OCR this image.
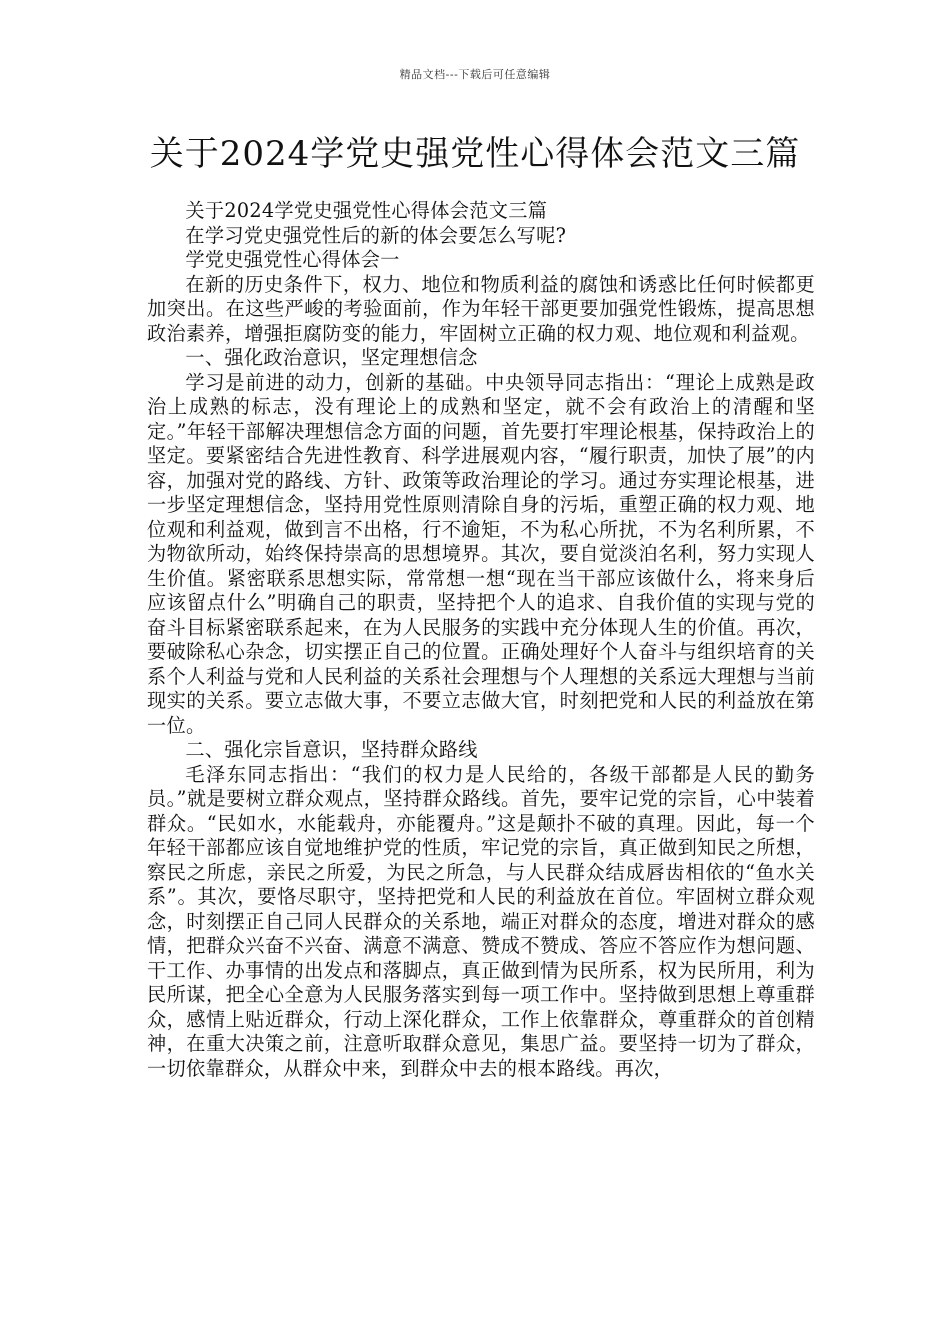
精品文档---下载后可任意编辑
关于2024学党史强党性心得体会范文三篇

关于2024学党史强党性心得体会范文三篇

在学习党史强党性后的新的体会要怎么写呢?

学党史强党性心得体会一

在新的历史条件下，权力、地位和物质利益的腐蚀和诱惑比任何时候都更加突出。在这些严峻的考验面前，作为年轻干部更要加强党性锻炼，提高思想政治素养，增强拒腐防变的能力，牢固树立正确的权力观、地位观和利益观。

一、强化政治意识，坚定理想信念

学习是前进的动力，创新的基础。中央领导同志指出：“理论上成熟是政治上成熟的标志，没有理论上的成熟和坚定，就不会有政治上的清醒和坚定。”年轻干部解决理想信念方面的问题，首先要打牢理论根基，保持政治上的坚定。要紧密结合先进性教育、科学进展观内容，“履行职责，加快了展”的内容，加强对党的路线、方针、政策等政治理论的学习。通过夯实理论根基，进一步坚定理想信念，坚持用党性原则清除自身的污垢，重塑正确的权力观、地位观和利益观，做到言不出格，行不逾矩，不为私心所扰，不为名利所累，不为物欲所动，始终保持崇高的思想境界。其次，要自觉淡泊名利，努力实现人生价值。紧密联系思想实际，常常想一想“现在当干部应该做什么，将来身后应该留点什么”明确自己的职责，坚持把个人的追求、自我价值的实现与党的奋斗目标紧密联系起来，在为人民服务的实践中充分体现人生的价值。再次，要破除私心杂念，切实摆正自己的位置。正确处理好个人奋斗与组织培育的关系个人利益与党和人民利益的关系社会理想与个人理想的关系远大理想与当前现实的关系。要立志做大事，不要立志做大官，时刻把党和人民的利益放在第一位。

二、强化宗旨意识，坚持群众路线

毛泽东同志指出：“我们的权力是人民给的，各级干部都是人民的勤务员。”就是要树立群众观点，坚持群众路线。首先，要牢记党的宗旨，心中装着群众。“民如水，水能载舟，亦能覆舟。”这是颠扑不破的真理。因此，每一个年轻干部都应该自觉地维护党的性质，牢记党的宗旨，真正做到知民之所想，察民之所虑，亲民之所爱，为民之所急，与人民群众结成唇齿相依的“鱼水关系”。其次，要恪尽职守，坚持把党和人民的利益放在首位。牢固树立群众观念，时刻摆正自己同人民群众的关系地，端正对群众的态度，增进对群众的感情，把群众兴奋不兴奋、满意不满意、赞成不赞成、答应不答应作为想问题、干工作、办事情的出发点和落脚点，真正做到情为民所系，权为民所用，利为民所谋，把全心全意为人民服务落实到每一项工作中。坚持做到思想上尊重群众，感情上贴近群众，行动上深化群众，工作上依靠群众，尊重群众的首创精神，在重大决策之前，注意听取群众意见，集思广益。要坚持一切为了群众，一切依靠群众，从群众中来，到群众中去的根本路线。再次，
